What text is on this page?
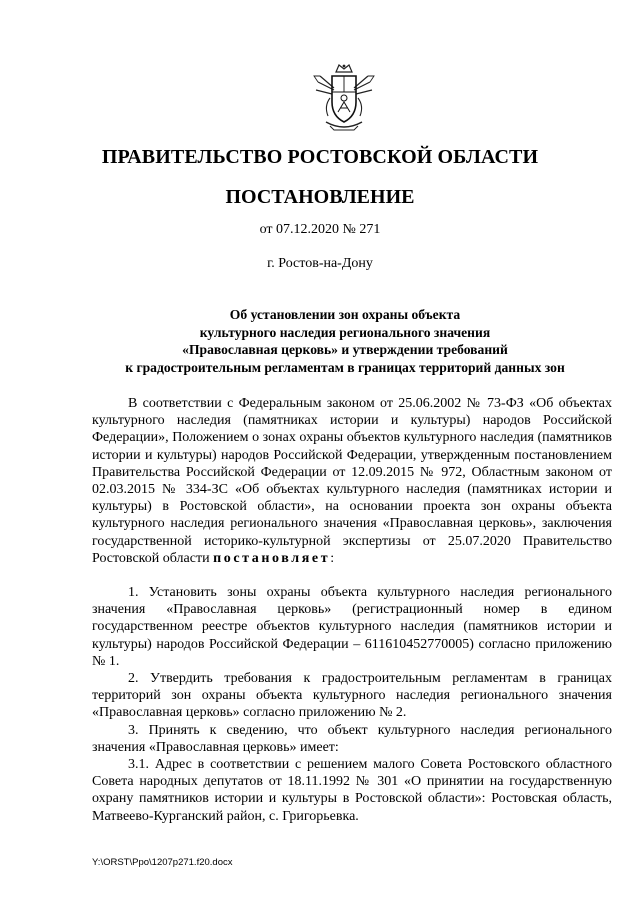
ПРАВИТЕЛЬСТВО РОСТОВСКОЙ ОБЛАСТИ
ПОСТАНОВЛЕНИЕ
от 07.12.2020 № 271
г. Ростов-на-Дону
Об установлении зон охраны объекта
культурного наследия регионального значения
«Православная церковь» и утверждении требований
к градостроительным регламентам в границах территорий данных зон

В соответствии с Федеральным законом от 25.06.2002 № 73-ФЗ «Об объектах культурного наследия (памятниках истории и культуры) народов Российской Федерации», Положением о зонах охраны объектов культурного наследия (памятников истории и культуры) народов Российской Федерации, утвержденным постановлением Правительства Российской Федерации от 12.09.2015 № 972, Областным законом от 02.03.2015 № 334-ЗС «Об объектах культурного наследия (памятниках истории и культуры) в Ростовской области», на основании проекта зон охраны объекта культурного наследия регионального значения «Православная церковь», заключения государственной историко-культурной экспертизы от 25.07.2020 Правительство Ростовской области постановляет:

1. Установить зоны охраны объекта культурного наследия регионального значения «Православная церковь» (регистрационный номер в едином государственном реестре объектов культурного наследия (памятников истории и культуры) народов Российской Федерации – 611610452770005) согласно приложению № 1.

2. Утвердить требования к градостроительным регламентам в границах территорий зон охраны объекта культурного наследия регионального значения «Православная церковь» согласно приложению № 2.

3. Принять к сведению, что объект культурного наследия регионального значения «Православная церковь» имеет:

3.1. Адрес в соответствии с решением малого Совета Ростовского областного Совета народных депутатов от 18.11.1992 № 301 «О принятии на государственную охрану памятников истории и культуры в Ростовской области»: Ростовская область, Матвеево-Курганский район, с. Григорьевка.

Y:\ORST\Ppo\1207p271.f20.docx
